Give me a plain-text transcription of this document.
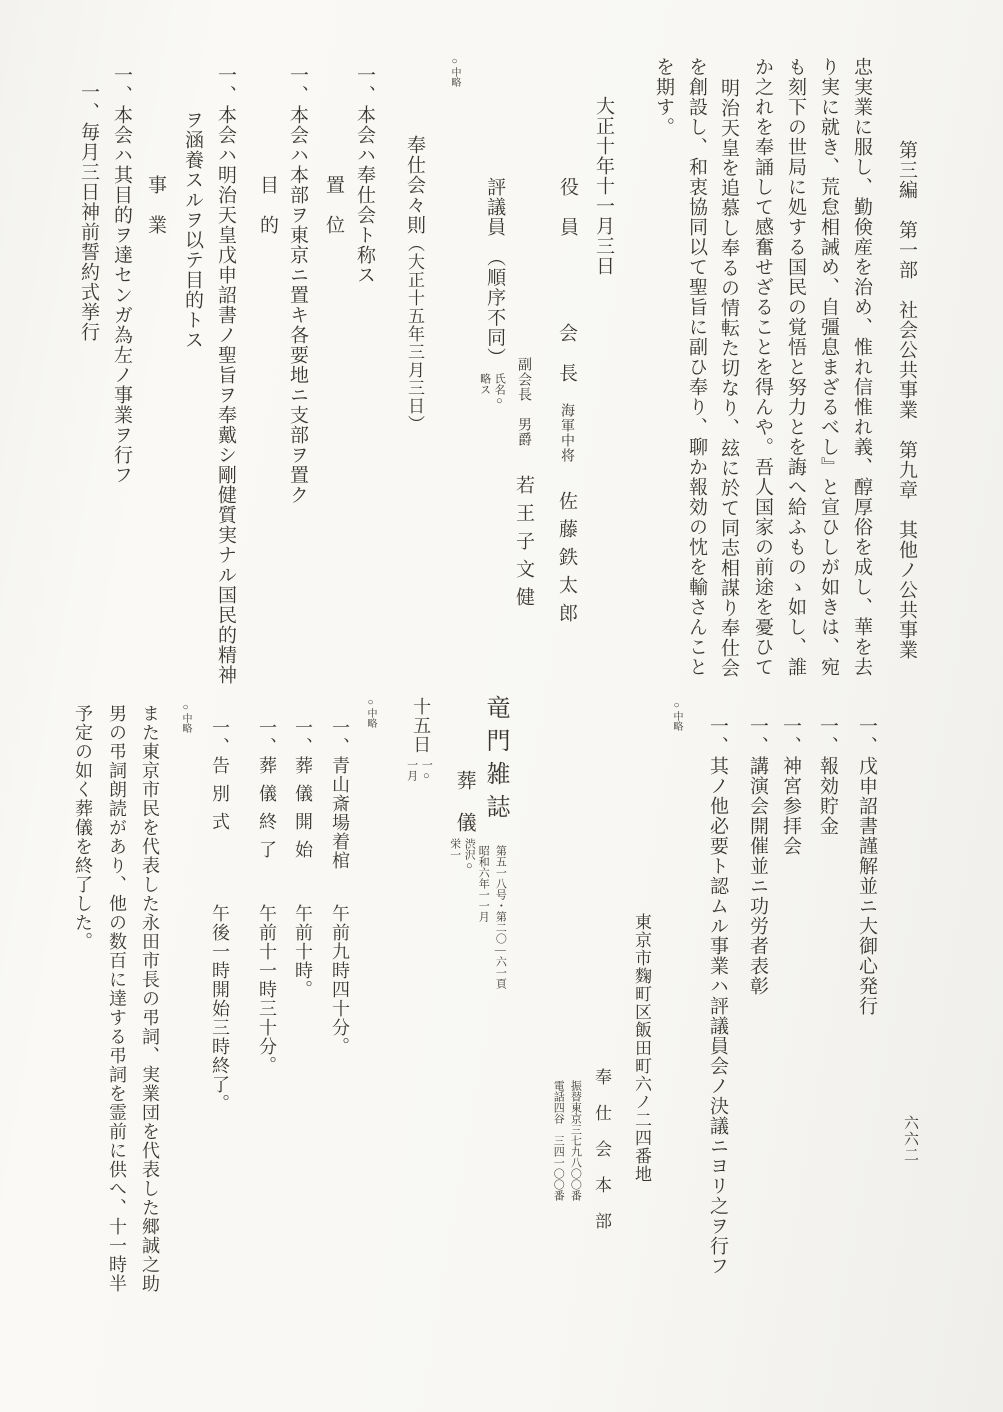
第三編　第一部　社会公共事業　第九章　其他ノ公共事業
忠実業に服し、勤倹産を治め、惟れ信惟れ義、醇厚俗を成し、華を去
り実に就き、荒怠相誡め、自彊息まざるべし』と宣ひしが如きは、宛
も刻下の世局に処する国民の覚悟と努力とを誨へ給ふものゝ如し、誰
か之れを奉誦して感奮せざることを得んや。吾人国家の前途を憂ひて
明治天皇を追慕し奉るの情転た切なり、玆に於て同志相謀り奉仕会
を創設し、和衷協同以て聖旨に副ひ奉り、聊か報効の忱を輸さんこと
を期す。
大正十年十一月三日
役　員
会　長　海軍中将　佐藤鉄太郎
副会長　男爵　若王子文健
評議員　（順序不同）○氏名略ス
○中略
奉仕会々則（大正十五年三月三日）
一、本会ハ奉仕会ト称ス
置　位
一、本会ハ本部ヲ東京ニ置キ各要地ニ支部ヲ置ク
目　的
一、本会ハ明治天皇戊申詔書ノ聖旨ヲ奉戴シ剛健質実ナル国民的精神
ヲ涵養スルヲ以テ目的トス
事　業
一、本会ハ其目的ヲ達センガ為左ノ事業ヲ行フ
一、毎月三日神前誓約式挙行
一、戊申詔書謹解並ニ大御心発行
一、報効貯金
一、神宮参拝会
一、講演会開催並ニ功労者表彰
一、其ノ他必要ト認ムル事業ハ評議員会ノ決議ニヨリ之ヲ行フ
○中略
東京市麴町区飯田町六ノ二四番地
奉　仕　会　本　部
振替東京三七九八〇〇番電話四谷　三四一〇〇番
竜門雑誌
第五一八号・第二〇―六一頁昭和六年一一月
葬　儀○渋沢栄一
十五日○一一月
○中略
一、青山斎場着棺
午前九時四十分。
一、葬儀開始
午前十時。
一、葬儀終了
午前十一時三十分。
一、告別式
午後一時開始三時終了。
○中略
また東京市民を代表した永田市長の弔詞、実業団を代表した郷誠之助
男の弔詞朗読があり、他の数百に達する弔詞を霊前に供へ、十一時半
予定の如く葬儀を終了した。
六六二
